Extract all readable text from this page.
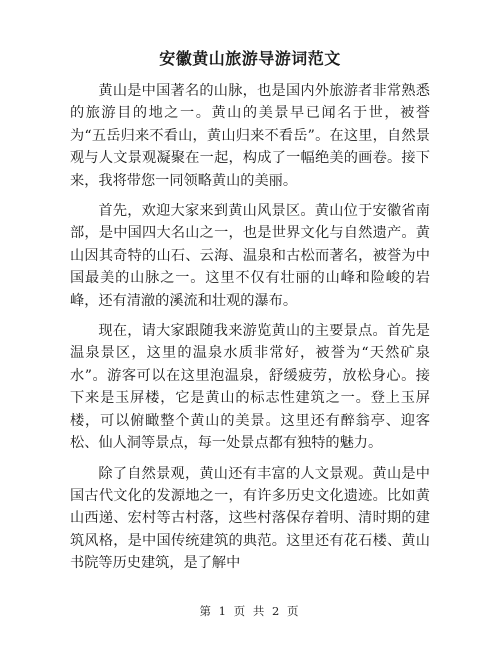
安徽黄山旅游导游词范文

黄山是中国著名的山脉，也是国内外旅游者非常熟悉的旅游目的地之一。黄山的美景早已闻名于世，被誉为“五岳归来不看山，黄山归来不看岳”。在这里，自然景观与人文景观凝聚在一起，构成了一幅绝美的画卷。接下来，我将带您一同领略黄山的美丽。

首先，欢迎大家来到黄山风景区。黄山位于安徽省南部，是中国四大名山之一，也是世界文化与自然遗产。黄山因其奇特的山石、云海、温泉和古松而著名，被誉为中国最美的山脉之一。这里不仅有壮丽的山峰和险峻的岩峰，还有清澈的溪流和壮观的瀑布。

现在，请大家跟随我来游览黄山的主要景点。首先是温泉景区，这里的温泉水质非常好，被誉为“天然矿泉水”。游客可以在这里泡温泉，舒缓疲劳，放松身心。接下来是玉屏楼，它是黄山的标志性建筑之一。登上玉屏楼，可以俯瞰整个黄山的美景。这里还有醉翁亭、迎客松、仙人洞等景点，每一处景点都有独特的魅力。

除了自然景观，黄山还有丰富的人文景观。黄山是中国古代文化的发源地之一，有许多历史文化遗迹。比如黄山西递、宏村等古村落，这些村落保存着明、清时期的建筑风格，是中国传统建筑的典范。这里还有花石楼、黄山书院等历史建筑，是了解中

第 1 页 共 2 页
